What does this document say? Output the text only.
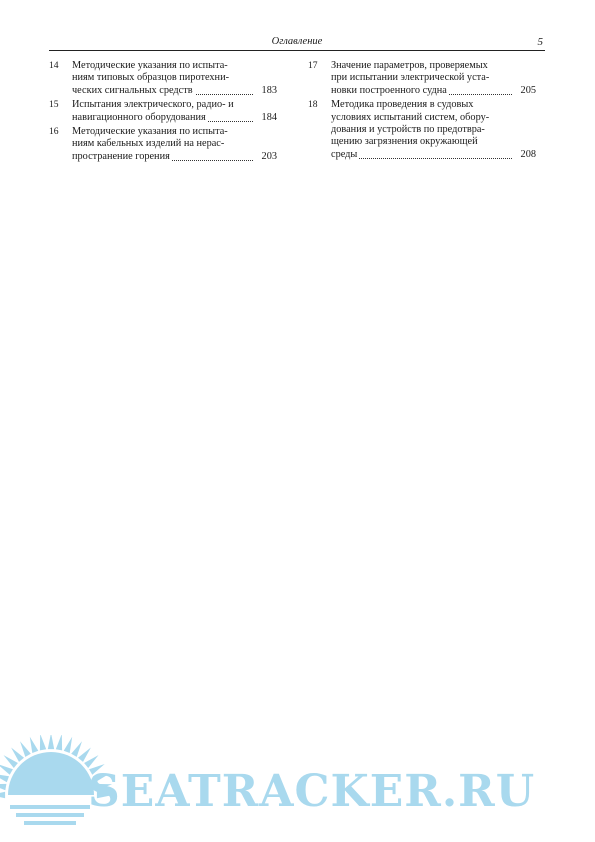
Оглавление	5
14 Методические указания по испыта-
ниям типовых образцов пиротехни-
ческих сигнальных средств	183
15 Испытания электрического, радио- и
навигационного оборудования	184
16 Методические указания по испыта-
ниям кабельных изделий на нерас-
пространение горения	203
17 Значение параметров, проверяемых
при испытании электрической уста-
новки построенного судна	205
18 Методика проведения в судовых
условиях испытаний систем, обору-
дования и устройств по предотвра-
щению загрязнения окружающей
среды	208
SEATRACKER.RU
